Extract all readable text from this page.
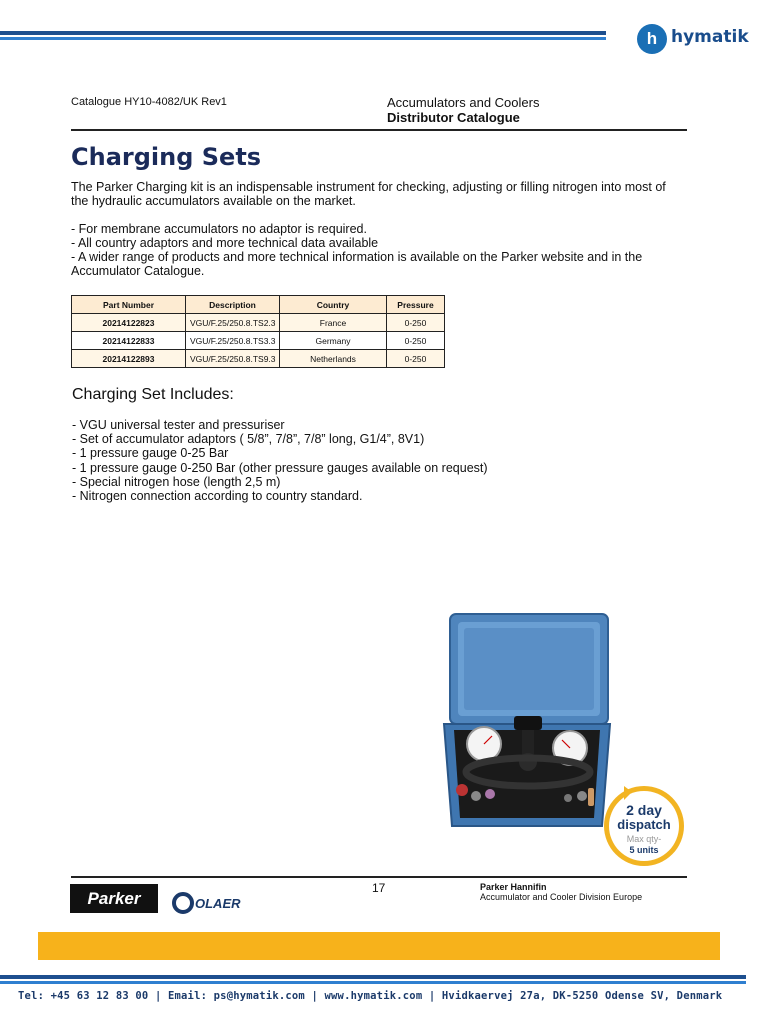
h hymatik
Catalogue HY10-4082/UK Rev1	Accumulators and Coolers
Distributor Catalogue
Charging Sets
The Parker Charging kit is an indispensable instrument for checking, adjusting or filling nitrogen into most of the hydraulic accumulators available on the market.
- For membrane accumulators no adaptor is required.
- All country adaptors and more technical data available
- A wider range of products and more technical information is available on the Parker website and in the Accumulator Catalogue.
Part Number	Description	Country	Pressure
20214122823	VGU/F.25/250.8.TS2.3	France	0-250
20214122833	VGU/F.25/250.8.TS3.3	Germany	0-250
20214122893	VGU/F.25/250.8.TS9.3	Netherlands	0-250
Charging Set Includes:
- VGU universal tester and pressuriser
- Set of accumulator adaptors ( 5/8”, 7/8”, 7/8” long, G1/4”, 8V1)
- 1 pressure gauge 0-25 Bar
- 1 pressure gauge 0-250 Bar (other pressure gauges available on request)
- Special nitrogen hose (length 2,5 m)
- Nitrogen connection according to country standard.
2 day
dispatch
Max qty-
5 units
17	Parker Hannifin
Accumulator and Cooler Division Europe
Parker	OLAER
Tel: +45 63 12 83 00 | Email: ps@hymatik.com | www.hymatik.com | Hvidkaervej 27a, DK-5250 Odense SV, Denmark
